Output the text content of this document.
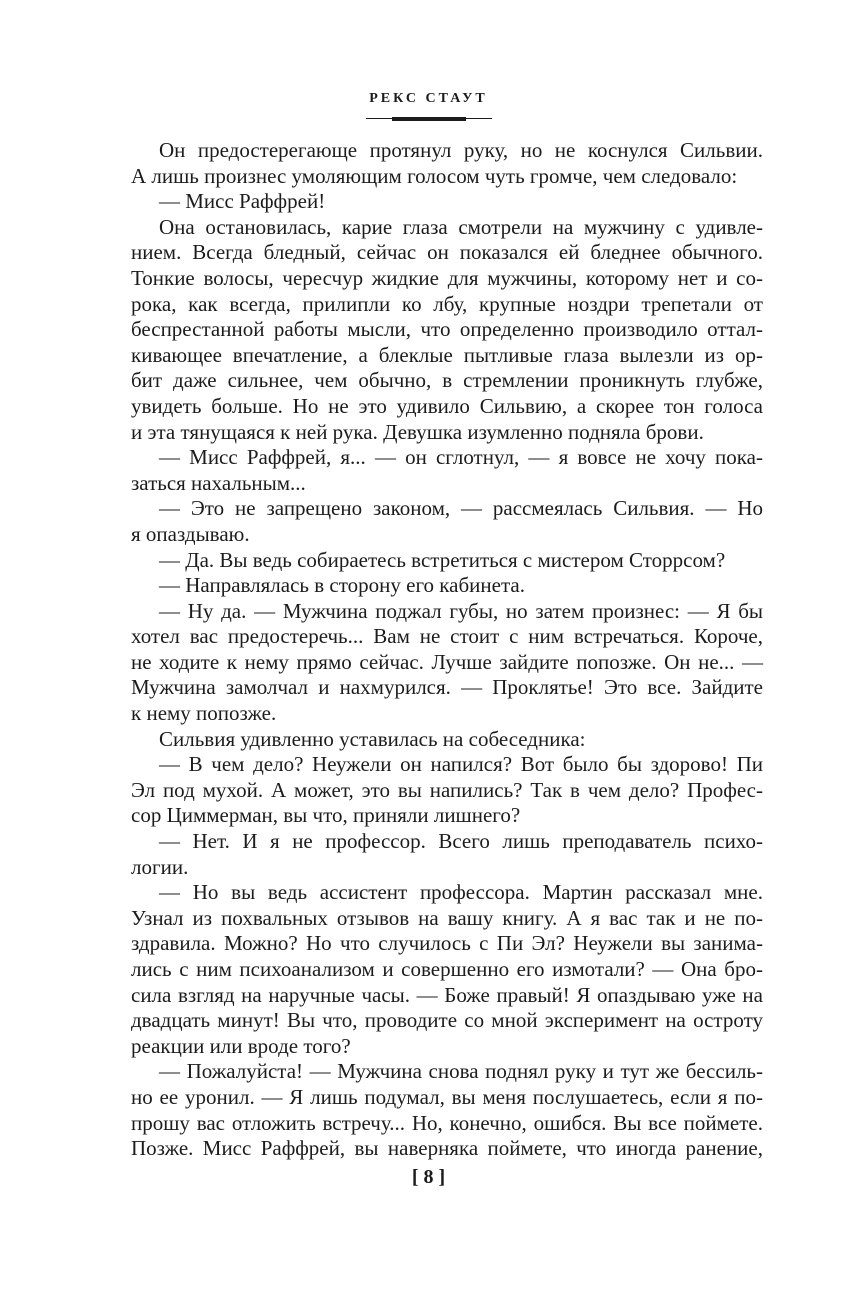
РЕКС СТАУТ
Он предостерегающе протянул руку, но не коснулся Сильвии.
А лишь произнес умоляющим голосом чуть громче, чем следовало:
— Мисс Раффрей!
Она остановилась, карие глаза смотрели на мужчину с удивле-
нием. Всегда бледный, сейчас он показался ей бледнее обычного.
Тонкие волосы, чересчур жидкие для мужчины, которому нет и со-
рока, как всегда, прилипли ко лбу, крупные ноздри трепетали от
беспрестанной работы мысли, что определенно производило оттал-
кивающее впечатление, а блеклые пытливые глаза вылезли из ор-
бит даже сильнее, чем обычно, в стремлении проникнуть глубже,
увидеть больше. Но не это удивило Сильвию, а скорее тон голоса
и эта тянущаяся к ней рука. Девушка изумленно подняла брови.
— Мисс Раффрей, я... — он сглотнул, — я вовсе не хочу пока-
заться нахальным...
— Это не запрещено законом, — рассмеялась Сильвия. — Но
я опаздываю.
— Да. Вы ведь собираетесь встретиться с мистером Сторрсом?
— Направлялась в сторону его кабинета.
— Ну да. — Мужчина поджал губы, но затем произнес: — Я бы
хотел вас предостеречь... Вам не стоит с ним встречаться. Короче,
не ходите к нему прямо сейчас. Лучше зайдите попозже. Он не... —
Мужчина замолчал и нахмурился. — Проклятье! Это все. Зайдите
к нему попозже.
Сильвия удивленно уставилась на собеседника:
— В чем дело? Неужели он напился? Вот было бы здорово! Пи
Эл под мухой. А может, это вы напились? Так в чем дело? Профес-
сор Циммерман, вы что, приняли лишнего?
— Нет. И я не профессор. Всего лишь преподаватель психо-
логии.
— Но вы ведь ассистент профессора. Мартин рассказал мне.
Узнал из похвальных отзывов на вашу книгу. А я вас так и не по-
здравила. Можно? Но что случилось с Пи Эл? Неужели вы занима-
лись с ним психоанализом и совершенно его измотали? — Она бро-
сила взгляд на наручные часы. — Боже правый! Я опаздываю уже на
двадцать минут! Вы что, проводите со мной эксперимент на остроту
реакции или вроде того?
— Пожалуйста! — Мужчина снова поднял руку и тут же бессиль-
но ее уронил. — Я лишь подумал, вы меня послушаетесь, если я по-
прошу вас отложить встречу... Но, конечно, ошибся. Вы все поймете.
Позже. Мисс Раффрей, вы наверняка поймете, что иногда ранение,
[ 8 ]
